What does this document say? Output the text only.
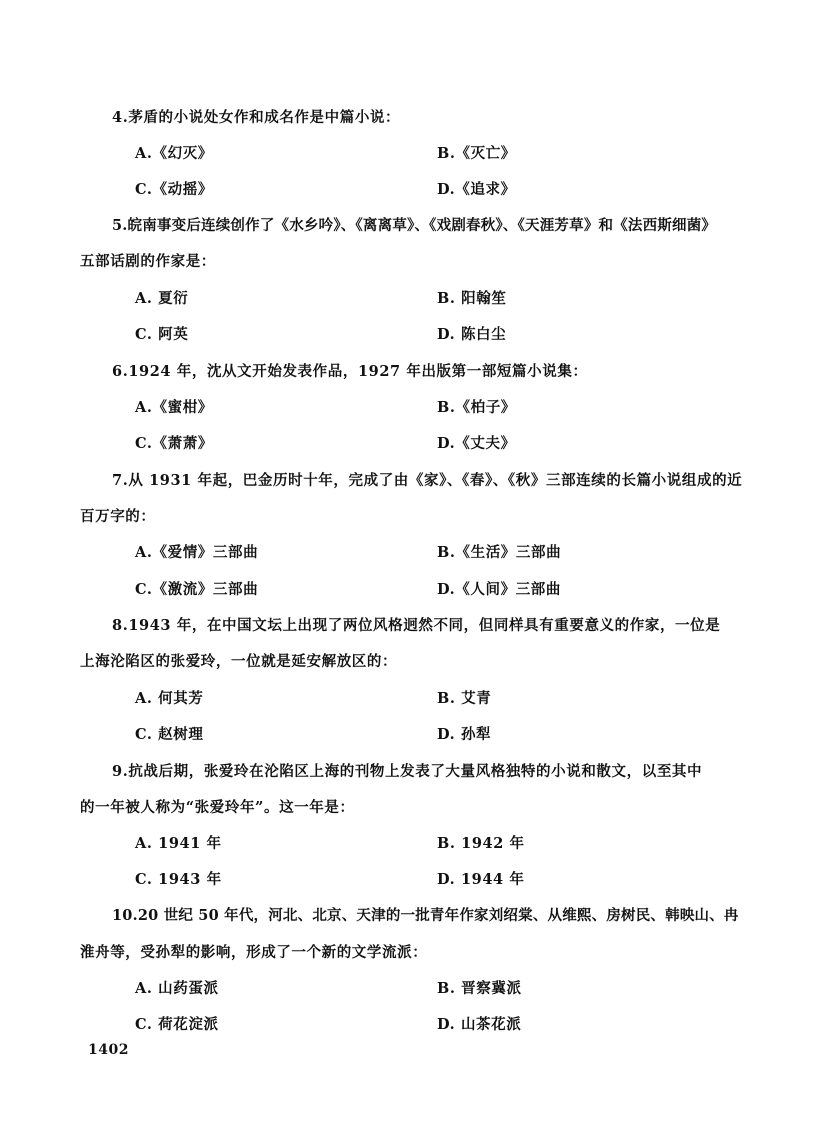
4.茅盾的小说处女作和成名作是中篇小说：
A.《幻灭》	B.《灭亡》
C.《动摇》	D.《追求》
5.皖南事变后连续创作了《水乡吟》、《离离草》、《戏剧春秋》、《天涯芳草》和《法西斯细菌》
五部话剧的作家是：
A. 夏衍	B. 阳翰笙
C. 阿英	D. 陈白尘
6.1924 年，沈从文开始发表作品，1927 年出版第一部短篇小说集：
A.《蜜柑》	B.《柏子》
C.《萧萧》	D.《丈夫》
7.从 1931 年起，巴金历时十年，完成了由《家》、《春》、《秋》三部连续的长篇小说组成的近
百万字的：
A.《爱情》三部曲	B.《生活》三部曲
C.《激流》三部曲	D.《人间》三部曲
8.1943 年，在中国文坛上出现了两位风格迥然不同，但同样具有重要意义的作家，一位是
上海沦陷区的张爱玲，一位就是延安解放区的：
A. 何其芳	B. 艾青
C. 赵树理	D. 孙犁
9.抗战后期，张爱玲在沦陷区上海的刊物上发表了大量风格独特的小说和散文，以至其中
的一年被人称为“张爱玲年”。这一年是：
A. 1941 年	B. 1942 年
C. 1943 年	D. 1944 年
10.20 世纪 50 年代，河北、北京、天津的一批青年作家刘绍棠、从维熙、房树民、韩映山、冉
淮舟等，受孙犁的影响，形成了一个新的文学流派：
A. 山药蛋派	B. 晋察冀派
C. 荷花淀派	D. 山茶花派
1402
